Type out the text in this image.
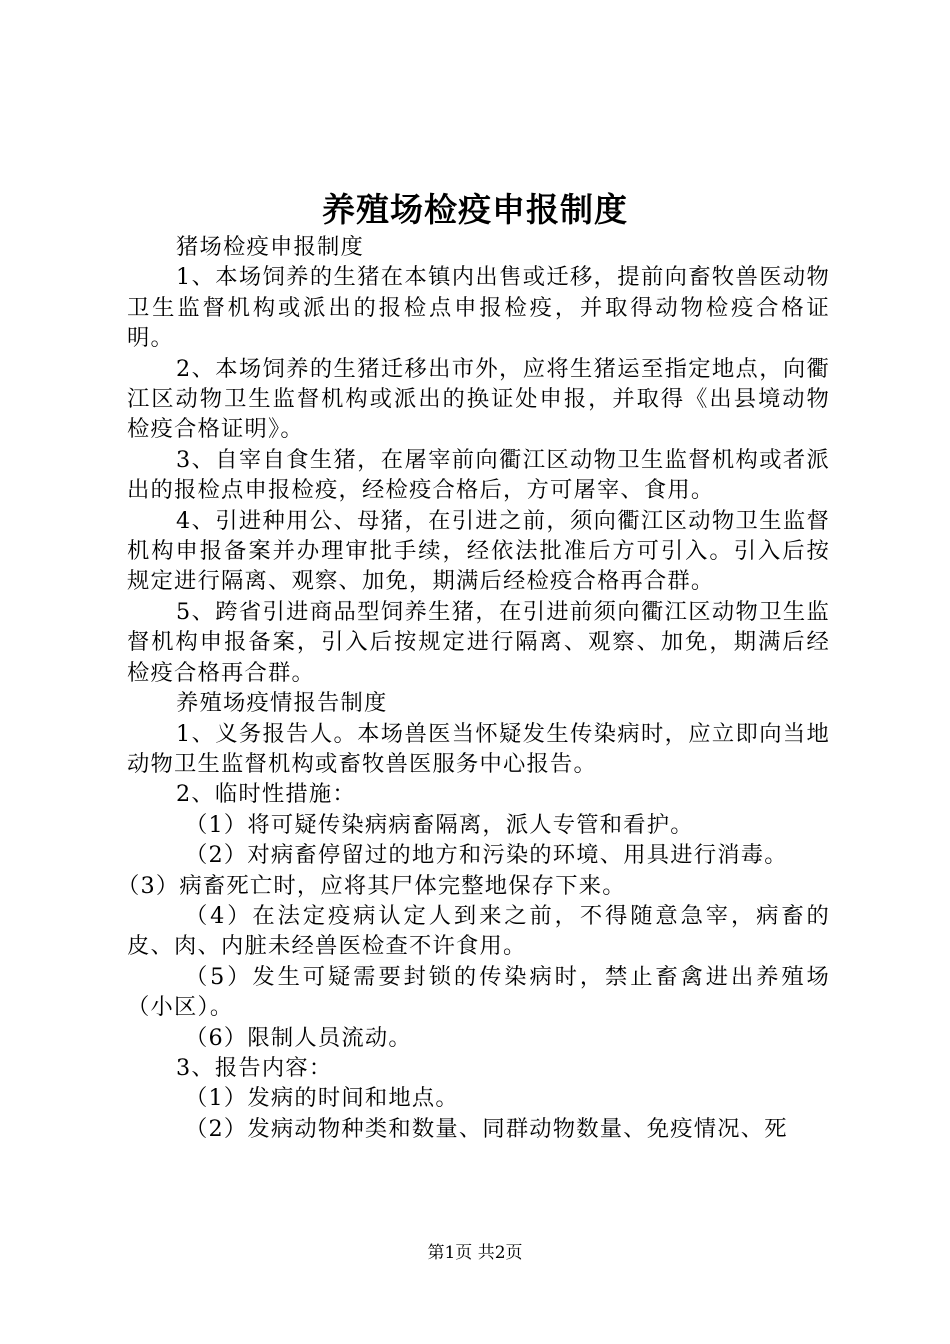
养殖场检疫申报制度

猪场检疫申报制度

1、本场饲养的生猪在本镇内出售或迁移，提前向畜牧兽医动物卫生监督机构或派出的报检点申报检疫，并取得动物检疫合格证明。

2、本场饲养的生猪迁移出市外，应将生猪运至指定地点，向衢江区动物卫生监督机构或派出的换证处申报，并取得《出县境动物检疫合格证明》。

3、自宰自食生猪，在屠宰前向衢江区动物卫生监督机构或者派出的报检点申报检疫，经检疫合格后，方可屠宰、食用。

4、引进种用公、母猪，在引进之前，须向衢江区动物卫生监督机构申报备案并办理审批手续，经依法批准后方可引入。引入后按规定进行隔离、观察、加免，期满后经检疫合格再合群。

5、跨省引进商品型饲养生猪，在引进前须向衢江区动物卫生监督机构申报备案，引入后按规定进行隔离、观察、加免，期满后经检疫合格再合群。

养殖场疫情报告制度

1、义务报告人。本场兽医当怀疑发生传染病时，应立即向当地动物卫生监督机构或畜牧兽医服务中心报告。

2、临时性措施：

（1）将可疑传染病病畜隔离，派人专管和看护。

（2）对病畜停留过的地方和污染的环境、用具进行消毒。

（3）病畜死亡时，应将其尸体完整地保存下来。

（4）在法定疫病认定人到来之前，不得随意急宰，病畜的皮、肉、内脏未经兽医检查不许食用。

（5）发生可疑需要封锁的传染病时，禁止畜禽进出养殖场（小区）。

（6）限制人员流动。

3、报告内容：

（1）发病的时间和地点。

（2）发病动物种类和数量、同群动物数量、免疫情况、死

第1页 共2页
